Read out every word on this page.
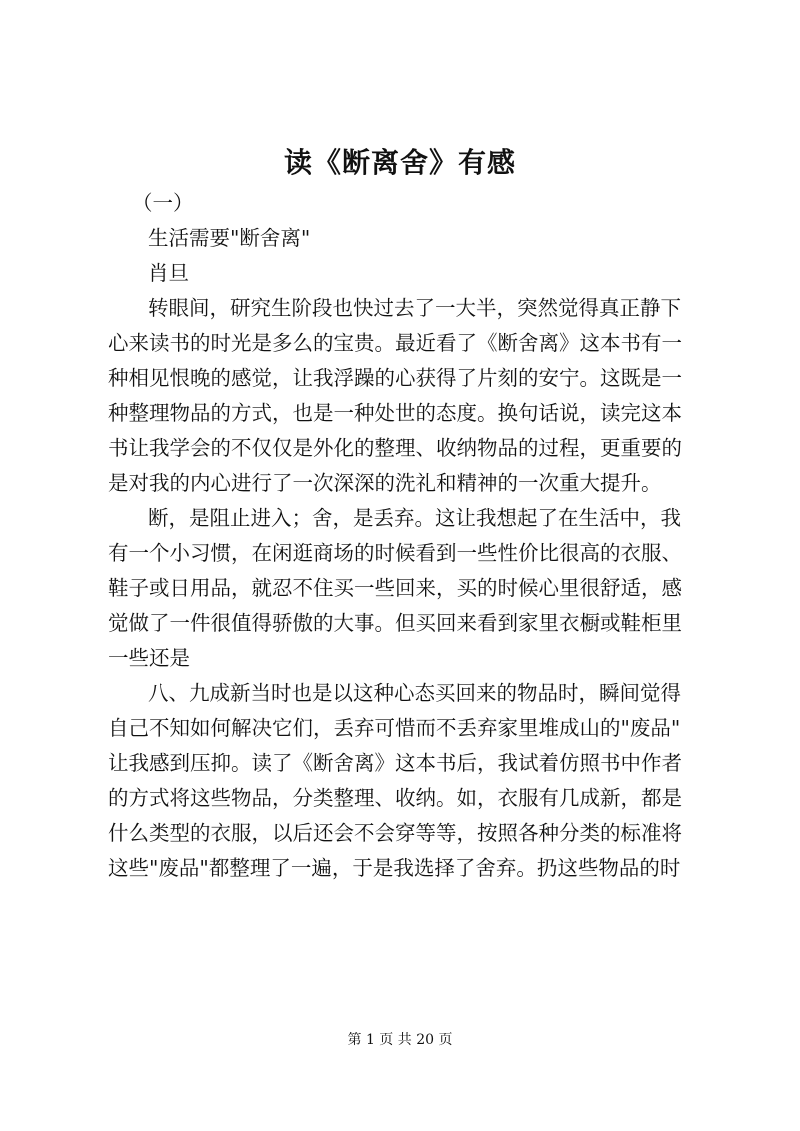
读《断离舍》有感
（一）
生活需要"断舍离"
肖旦
转眼间，研究生阶段也快过去了一大半，突然觉得真正静下
心来读书的时光是多么的宝贵。最近看了《断舍离》这本书有一
种相见恨晚的感觉，让我浮躁的心获得了片刻的安宁。这既是一
种整理物品的方式，也是一种处世的态度。换句话说，读完这本
书让我学会的不仅仅是外化的整理、收纳物品的过程，更重要的
是对我的内心进行了一次深深的洗礼和精神的一次重大提升。
断，是阻止进入；舍，是丢弃。这让我想起了在生活中，我
有一个小习惯，在闲逛商场的时候看到一些性价比很高的衣服、
鞋子或日用品，就忍不住买一些回来，买的时候心里很舒适，感
觉做了一件很值得骄傲的大事。但买回来看到家里衣橱或鞋柜里
一些还是
八、九成新当时也是以这种心态买回来的物品时，瞬间觉得
自己不知如何解决它们，丢弃可惜而不丢弃家里堆成山的"废品"
让我感到压抑。读了《断舍离》这本书后，我试着仿照书中作者
的方式将这些物品，分类整理、收纳。如，衣服有几成新，都是
什么类型的衣服，以后还会不会穿等等，按照各种分类的标准将
这些"废品"都整理了一遍，于是我选择了舍弃。扔这些物品的时
第 1 页 共 20 页
